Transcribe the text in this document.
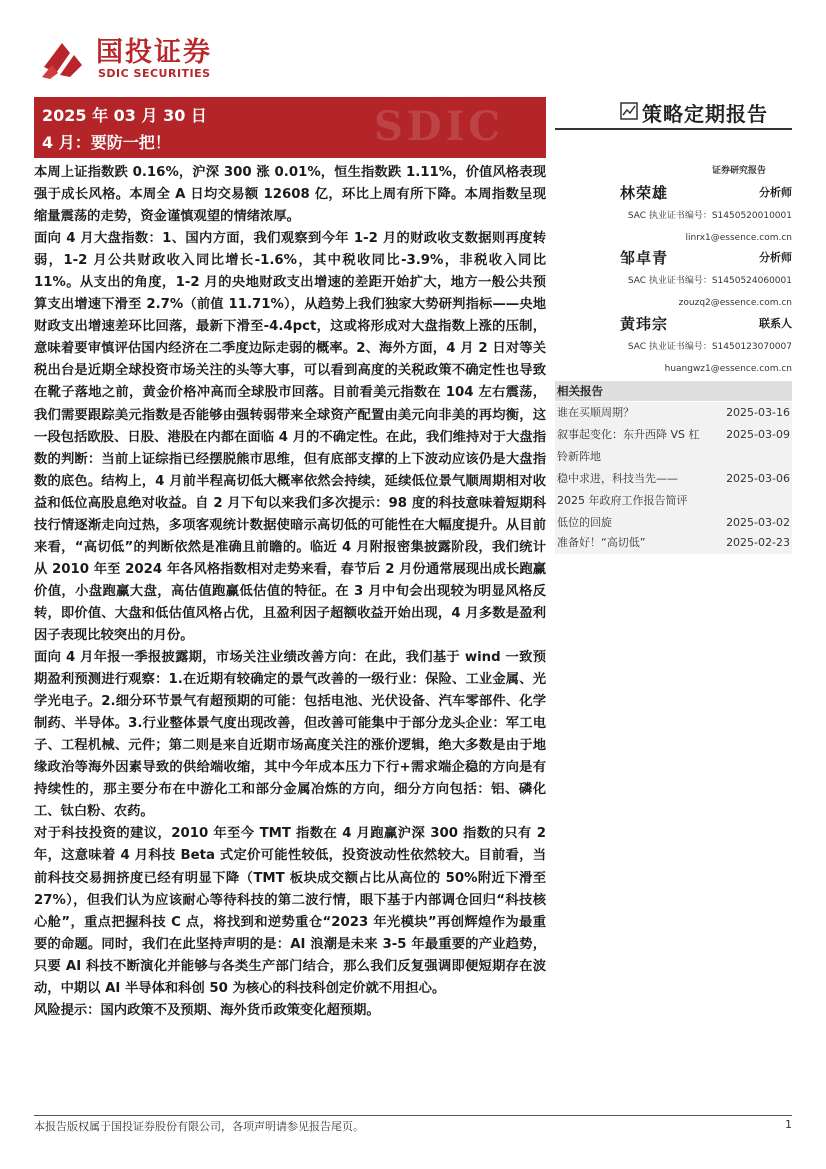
国投证券
SDIC SECURITIES
SDIC
2025 年 03 月 30 日
4 月：要防一把！
策略定期报告

本周上证指数跌 0.16%，沪深 300 涨 0.01%，恒生指数跌 1.11%，价值风格表现强于成长风格。本周全 A 日均交易额 12608 亿，环比上周有所下降。本周指数呈现缩量震荡的走势，资金谨慎观望的情绪浓厚。

面向 4 月大盘指数：1、国内方面，我们观察到今年 1-2 月的财政收支数据则再度转弱，1-2 月公共财政收入同比增长-1.6%，其中税收同比-3.9%，非税收入同比 11%。从支出的角度，1-2 月的央地财政支出增速的差距开始扩大，地方一般公共预算支出增速下滑至 2.7%（前值 11.71%），从趋势上我们独家大势研判指标——央地财政支出增速差环比回落，最新下滑至-4.4pct，这或将形成对大盘指数上涨的压制，意味着要审慎评估国内经济在二季度边际走弱的概率。2、海外方面，4 月 2 日对等关税出台是近期全球投资市场关注的头等大事，可以看到高度的关税政策不确定性也导致在靴子落地之前，黄金价格冲高而全球股市回落。目前看美元指数在 104 左右震荡，我们需要跟踪美元指数是否能够由强转弱带来全球资产配置由美元向非美的再均衡，这一段包括欧股、日股、港股在内都在面临 4 月的不确定性。在此，我们维持对于大盘指数的判断：当前上证综指已经摆脱熊市思维，但有底部支撑的上下波动应该仍是大盘指数的底色。结构上，4 月前半程高切低大概率依然会持续，延续低位景气顺周期相对收益和低位高股息绝对收益。自 2 月下旬以来我们多次提示：98 度的科技意味着短期科技行情逐渐走向过热，多项客观统计数据使暗示高切低的可能性在大幅度提升。从目前来看，“高切低”的判断依然是准确且前瞻的。临近 4 月附报密集披露阶段，我们统计从 2010 年至 2024 年各风格指数相对走势来看，春节后 2 月份通常展现出成长跑赢价值，小盘跑赢大盘，高估值跑赢低估值的特征。在 3 月中旬会出现较为明显风格反转，即价值、大盘和低估值风格占优，且盈利因子超额收益开始出现，4 月多数是盈利因子表现比较突出的月份。

面向 4 月年报一季报披露期，市场关注业绩改善方向：在此，我们基于 wind 一致预期盈利预测进行观察：1.在近期有较确定的景气改善的一级行业：保险、工业金属、光学光电子。2.细分环节景气有超预期的可能：包括电池、光伏设备、汽车零部件、化学制药、半导体。3.行业整体景气度出现改善，但改善可能集中于部分龙头企业：军工电子、工程机械、元件；第二则是来自近期市场高度关注的涨价逻辑，绝大多数是由于地缘政治等海外因素导致的供给端收缩，其中今年成本压力下行+需求端企稳的方向是有持续性的，那主要分布在中游化工和部分金属冶炼的方向，细分方向包括：铝、磷化工、钛白粉、农药。

对于科技投资的建议，2010 年至今 TMT 指数在 4 月跑赢沪深 300 指数的只有 2 年，这意味着 4 月科技 Beta 式定价可能性较低，投资波动性依然较大。目前看，当前科技交易拥挤度已经有明显下降（TMT 板块成交额占比从高位的 50%附近下滑至 27%），但我们认为应该耐心等待科技的第二波行情，眼下基于内部调仓回归“科技核心舱”，重点把握科技 C 点，将找到和逆势重仓“2023 年光模块”再创辉煌作为最重要的命题。同时，我们在此坚持声明的是：AI 浪潮是未来 3-5 年最重要的产业趋势，只要 AI 科技不断演化并能够与各类生产部门结合，那么我们反复强调即便短期存在波动，中期以 AI 半导体和科创 50 为核心的科技科创定价就不用担心。

风险提示：国内政策不及预期、海外货币政策变化超预期。

证券研究报告
林荣雄	分析师
SAC 执业证书编号：S1450520010001
linrx1@essence.com.cn
邹卓青	分析师
SAC 执业证书编号：S1450524060001
zouzq2@essence.com.cn
黄玮宗	联系人
SAC 执业证书编号：S1450123070007
huangwz1@essence.com.cn
相关报告
谁在买顺周期？	2025-03-16
叙事起变化：东升西降 VS 杠	2025-03-09
铃新阵地
稳中求进，科技当先——	2025-03-06
2025 年政府工作报告简评
低位的回旋	2025-03-02
准备好！“高切低”	2025-02-23
本报告版权属于国投证券股份有限公司，各项声明请参见报告尾页。	1
